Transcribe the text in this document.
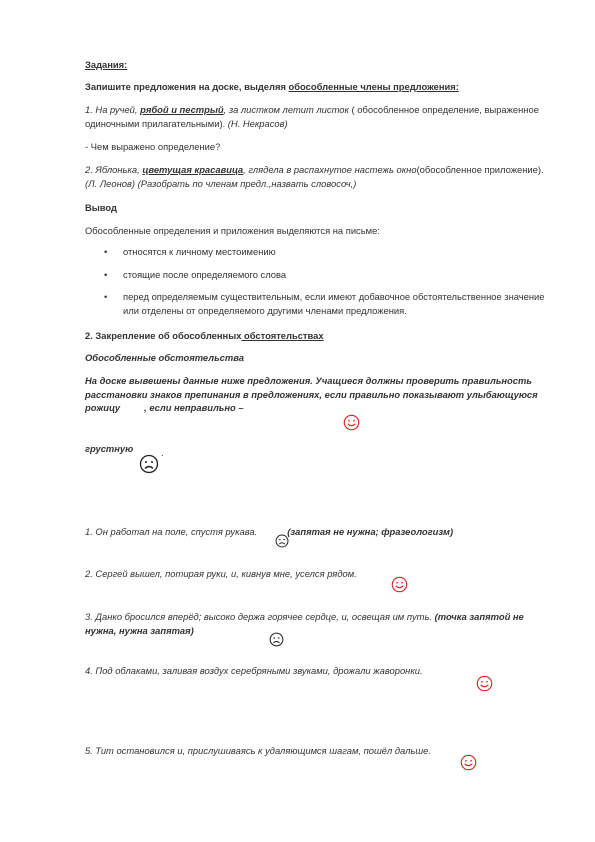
Задания:

Запишите предложения на доске, выделяя обособленные члены предложения:

1. На ручей, рябой и пестрый, за листком летит листок ( обособленное определение, выраженное одиночными прилагательными). (Н. Некрасов)

- Чем выражено определение?

2. Яблонька, цветущая красавица, глядела в распахнутое настежь окно(обособленное приложение). (Л. Леонов) (Разобрать по членам предл.,назвать словосоч,)

Вывод

Обособленные определения и приложения выделяются на письме:

• относятся к личному местоимению
• стоящие после определяемого слова
• перед определяемым существительным, если имеют добавочное обстоятельственное значение или отделены от определяемого другими членами предложения.

2. Закрепление об обособленных обстоятельствах

Обособленные обстоятельства

На доске вывешены данные ниже предложения. Учащиеся должны проверить правильность расстановки знаков препинания в предложениях, если правильно показывают улыбающуюся рожицу	, если неправильно –

грустную	.

1. Он работал на поле, спустя рукава.	(запятая не нужна; фразеологизм)

2. Сергей вышел, потирая руки, и, кивнув мне, уселся рядом.

3. Данко бросился вперёд; высоко держа горячее сердце, и, освещая им путь. (точка запятой не нужна, нужна запятая)

4. Под облаками, заливая воздух серебряными звуками, дрожали жаворонки.

5. Тит остановился и, прислушиваясь к удаляющимся шагам, пошёл дальше.
